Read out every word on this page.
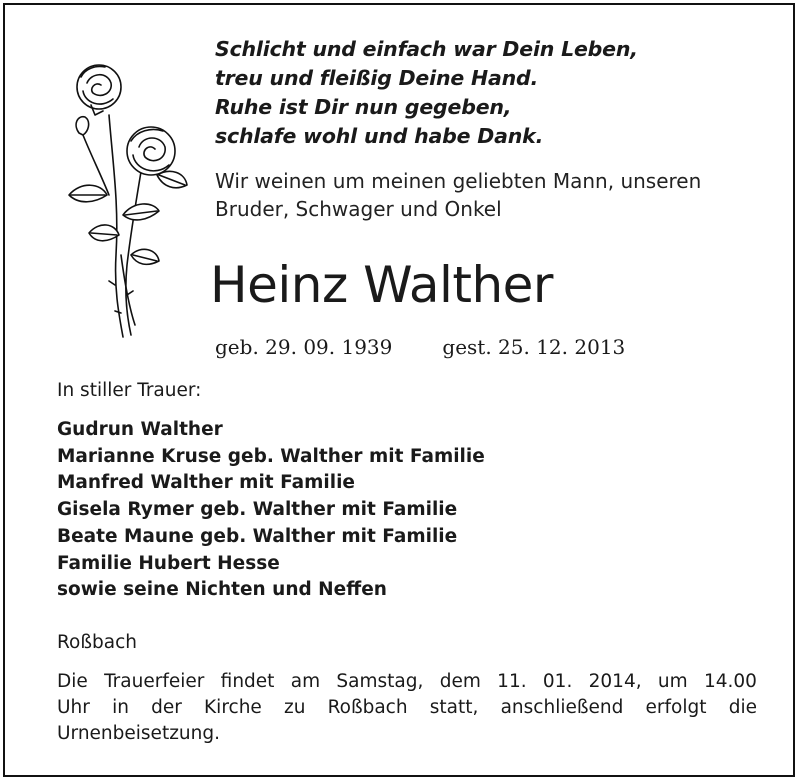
Schlicht und einfach war Dein Leben,
treu und fleißig Deine Hand.
Ruhe ist Dir nun gegeben,
schlafe wohl und habe Dank.
Wir weinen um meinen geliebten Mann, unseren
Bruder, Schwager und Onkel
Heinz Walther
geb. 29. 09. 1939	gest. 25. 12. 2013
In stiller Trauer:
Gudrun Walther
Marianne Kruse geb. Walther mit Familie
Manfred Walther mit Familie
Gisela Rymer geb. Walther mit Familie
Beate Maune geb. Walther mit Familie
Familie Hubert Hesse
sowie seine Nichten und Neffen
Roßbach
Die Trauerfeier findet am Samstag, dem 11. 01. 2014, um 14.00
Uhr in der Kirche zu Roßbach statt, anschließend erfolgt die
Urnenbeisetzung.
